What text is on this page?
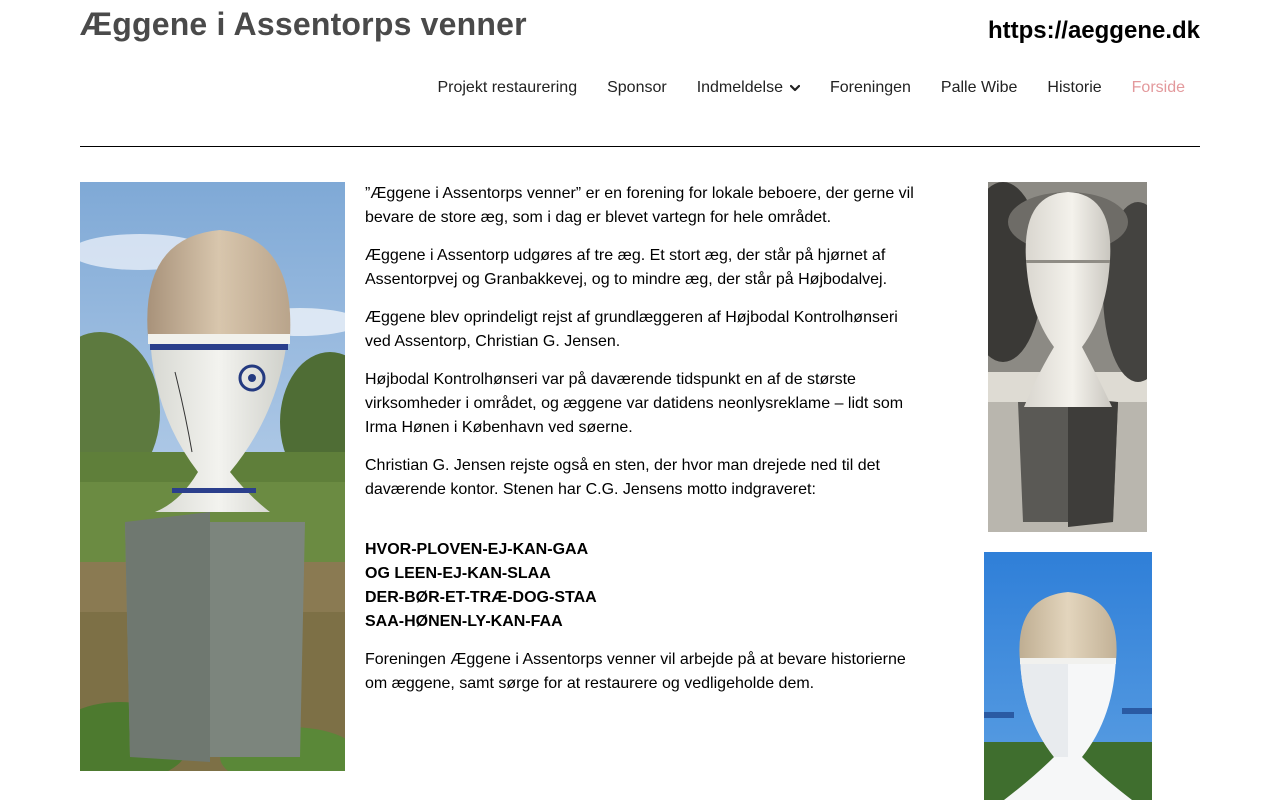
Æggene i Assentorps venner	https://aeggene.dk
Projekt restaurering	Sponsor	Indmeldelse	Foreningen	Palle Wibe	Historie	Forside

”Æggene i Assentorps venner” er en forening for lokale beboere, der gerne vil bevare de store æg, som i dag er blevet vartegn for hele området.

Æggene i Assentorp udgøres af tre æg. Et stort æg, der står på hjørnet af Assentorpvej og Granbakkevej, og to mindre æg, der står på Højbodalvej.

Æggene blev oprindeligt rejst af grundlæggeren af Højbodal Kontrolhønseri ved Assentorp, Christian G. Jensen.

Højbodal Kontrolhønseri var på daværende tidspunkt en af de største virksomheder i området, og æggene var datidens neonlysreklame – lidt som Irma Hønen i København ved søerne.

Christian G. Jensen rejste også en sten, der hvor man drejede ned til det daværende kontor. Stenen har C.G. Jensens motto indgraveret:

HVOR-PLOVEN-EJ-KAN-GAA
OG LEEN-EJ-KAN-SLAA
DER-BØR-ET-TRÆ-DOG-STAA
SAA-HØNEN-LY-KAN-FAA

Foreningen Æggene i Assentorps venner vil arbejde på at bevare historierne om æggene, samt sørge for at restaurere og vedligeholde dem.
